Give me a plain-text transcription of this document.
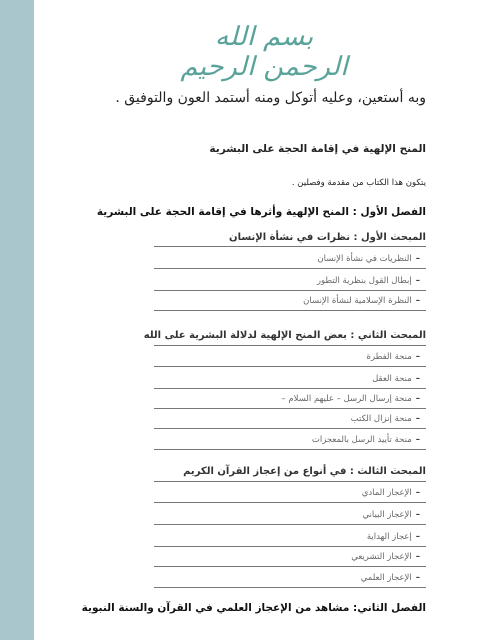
بسم الله الرحمن الرحيم
وبه أستعين، وعليه أتوكل ومنه أستمد العون والتوفيق .
المنح الإلهية في إقامة الحجة على البشرية
يتكون هذا الكتاب من مقدمة وفصلين .
الفصل الأول : المنح الإلهية وأثرها في إقامة الحجة على البشرية
المبحث الأول : نظرات في نشأة الإنسان
–
النظريات في نشأة الإنسان
–
إبطال القول بنظرية التطور
–
النظرة الإسلامية لنشأة الإنسان
المبحث الثاني : بعض المنح الإلهية لدلالة البشرية على الله
–
منحة الفطرة
–
منحة العقل
–
منحة إرسال الرسل – عليهم السلام –
–
منحة إنزال الكتب
–
منحة تأييد الرسل بالمعجزات
المبحث الثالث : في أنواع من إعجاز القرآن الكريم
–
الإعجاز المادي
–
الإعجاز البياني
–
إعجاز الهداية
–
الإعجاز التشريعي
–
الإعجاز العلمي
الفصل الثاني: مشاهد من الإعجاز العلمي في القرآن والسنة النبوية
